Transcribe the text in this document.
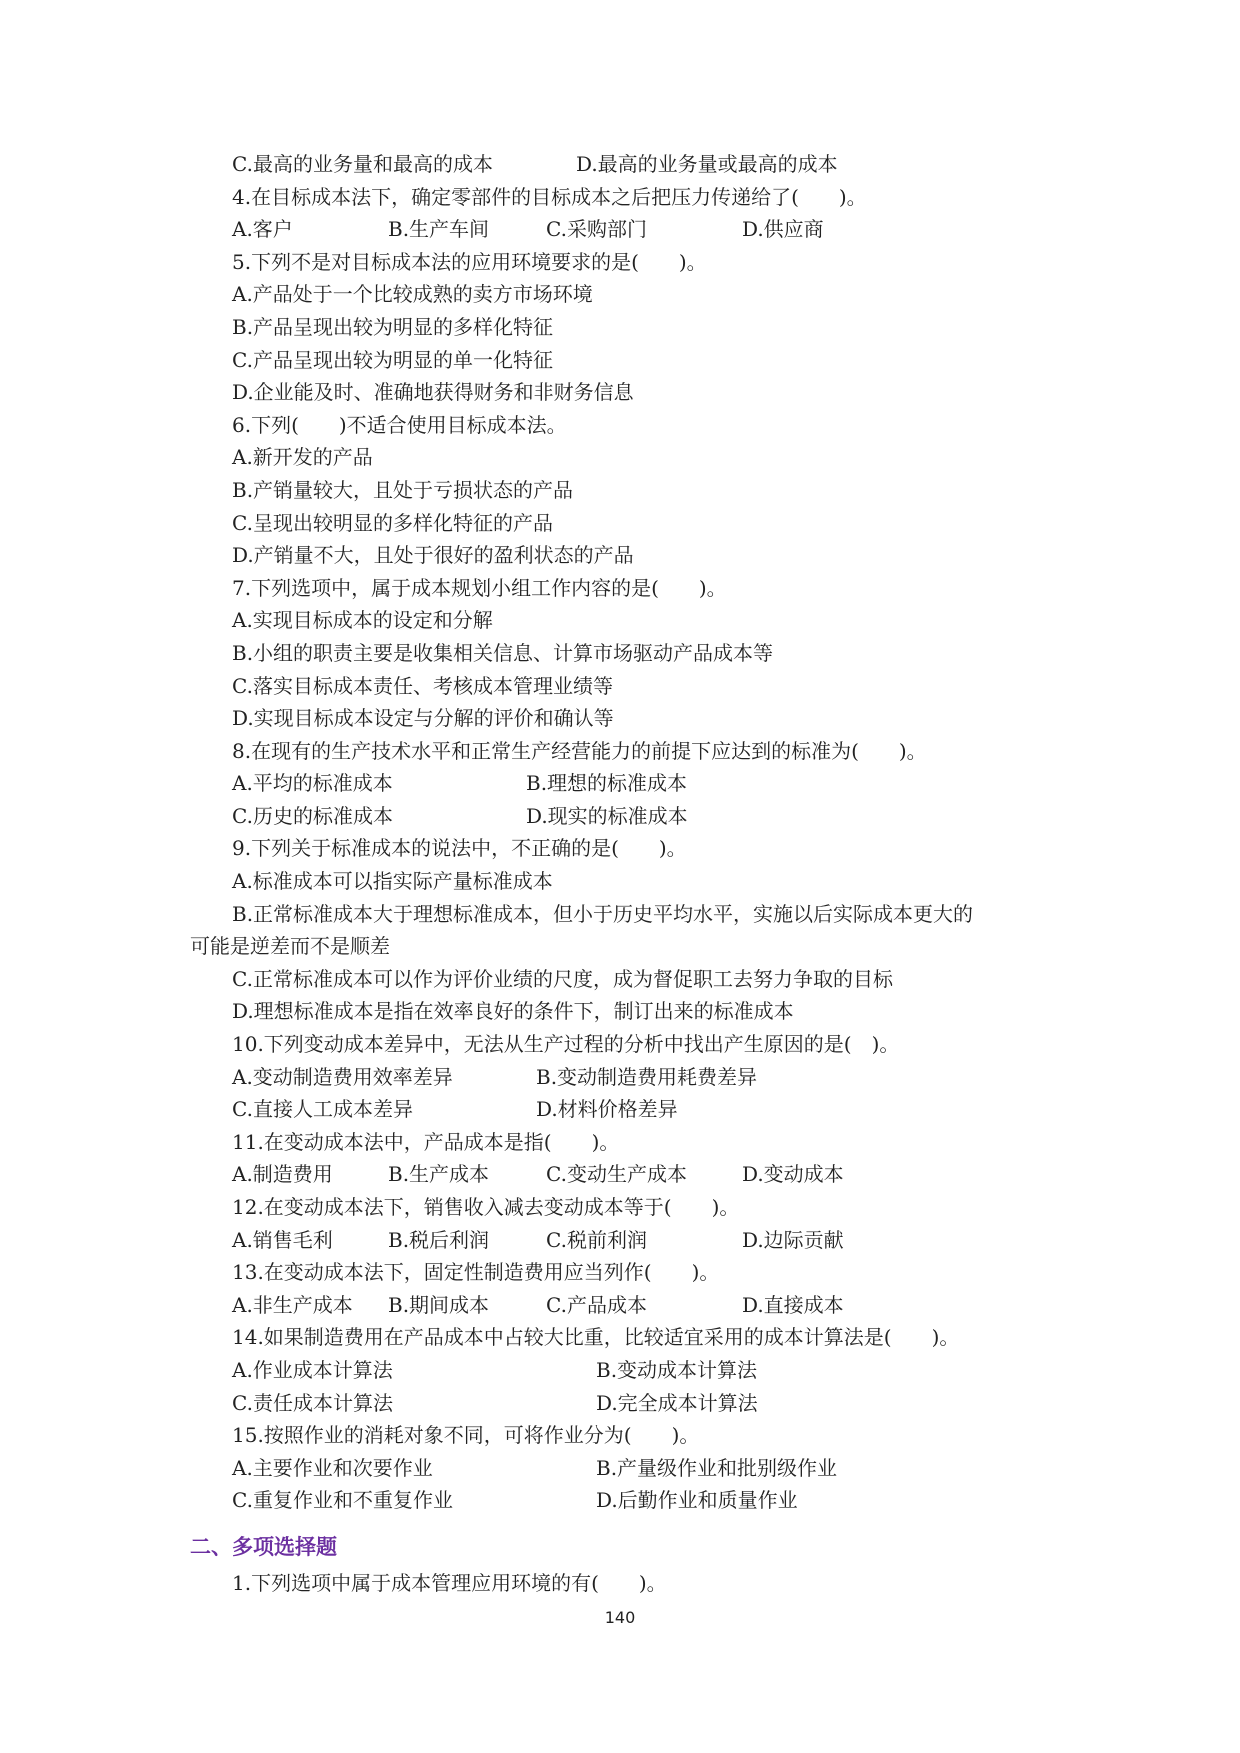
C.最高的业务量和最高的成本	D.最高的业务量或最高的成本
4.在目标成本法下，确定零部件的目标成本之后把压力传递给了(　　)。
A.客户	B.生产车间	C.采购部门	D.供应商
5.下列不是对目标成本法的应用环境要求的是(　　)。
A.产品处于一个比较成熟的卖方市场环境
B.产品呈现出较为明显的多样化特征
C.产品呈现出较为明显的单一化特征
D.企业能及时、准确地获得财务和非财务信息
6.下列(　　)不适合使用目标成本法。
A.新开发的产品
B.产销量较大，且处于亏损状态的产品
C.呈现出较明显的多样化特征的产品
D.产销量不大，且处于很好的盈利状态的产品
7.下列选项中，属于成本规划小组工作内容的是(　　)。
A.实现目标成本的设定和分解
B.小组的职责主要是收集相关信息、计算市场驱动产品成本等
C.落实目标成本责任、考核成本管理业绩等
D.实现目标成本设定与分解的评价和确认等
8.在现有的生产技术水平和正常生产经营能力的前提下应达到的标准为(　　)。
A.平均的标准成本	B.理想的标准成本
C.历史的标准成本	D.现实的标准成本
9.下列关于标准成本的说法中，不正确的是(　　)。
A.标准成本可以指实际产量标准成本
B.正常标准成本大于理想标准成本，但小于历史平均水平，实施以后实际成本更大的
可能是逆差而不是顺差
C.正常标准成本可以作为评价业绩的尺度，成为督促职工去努力争取的目标
D.理想标准成本是指在效率良好的条件下，制订出来的标准成本
10.下列变动成本差异中，无法从生产过程的分析中找出产生原因的是(　)。
A.变动制造费用效率差异	B.变动制造费用耗费差异
C.直接人工成本差异	D.材料价格差异
11.在变动成本法中，产品成本是指(　　)。
A.制造费用	B.生产成本	C.变动生产成本	D.变动成本
12.在变动成本法下，销售收入减去变动成本等于(　　)。
A.销售毛利	B.税后利润	C.税前利润	D.边际贡献
13.在变动成本法下，固定性制造费用应当列作(　　)。
A.非生产成本 B.期间成本	C.产品成本	D.直接成本
14.如果制造费用在产品成本中占较大比重，比较适宜采用的成本计算法是(　　)。
A.作业成本计算法	B.变动成本计算法
C.责任成本计算法	D.完全成本计算法
15.按照作业的消耗对象不同，可将作业分为(　　)。
A.主要作业和次要作业	B.产量级作业和批别级作业
C.重复作业和不重复作业	D.后勤作业和质量作业
二、多项选择题
1.下列选项中属于成本管理应用环境的有(　　)。
140
